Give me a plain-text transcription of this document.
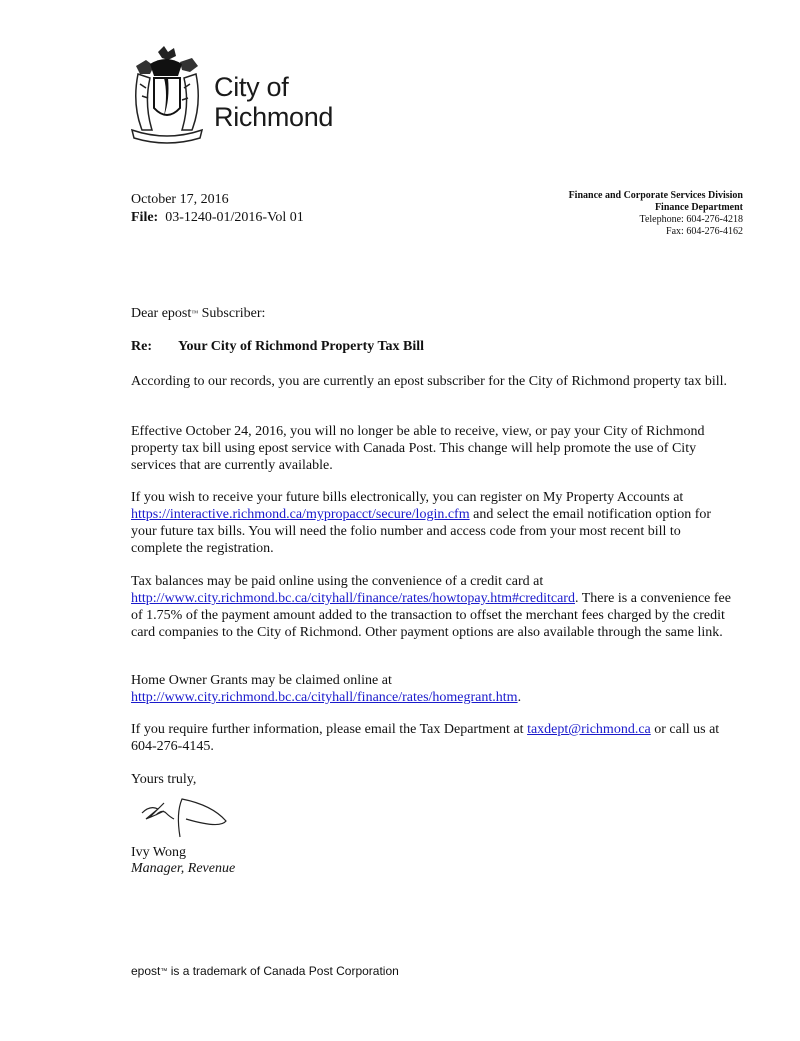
City of
Richmond
October 17, 2016
File: 03-1240-01/2016-Vol 01
Finance and Corporate Services Division
Finance Department
Telephone: 604-276-4218
Fax: 604-276-4162
Dear epost™ Subscriber:
Re: Your City of Richmond Property Tax Bill
According to our records, you are currently an epost subscriber for the City of Richmond property tax bill.
Effective October 24, 2016, you will no longer be able to receive, view, or pay your City of Richmond property tax bill using epost service with Canada Post. This change will help promote the use of City services that are currently available.
If you wish to receive your future bills electronically, you can register on My Property Accounts at https://interactive.richmond.ca/mypropacct/secure/login.cfm and select the email notification option for your future tax bills. You will need the folio number and access code from your most recent bill to complete the registration.
Tax balances may be paid online using the convenience of a credit card at http://www.city.richmond.bc.ca/cityhall/finance/rates/howtopay.htm#creditcard. There is a convenience fee of 1.75% of the payment amount added to the transaction to offset the merchant fees charged by the credit card companies to the City of Richmond. Other payment options are also available through the same link.
Home Owner Grants may be claimed online at
http://www.city.richmond.bc.ca/cityhall/finance/rates/homegrant.htm.
If you require further information, please email the Tax Department at taxdept@richmond.ca or call us at 604-276-4145.
Yours truly,
Ivy Wong
Manager, Revenue
epost™ is a trademark of Canada Post Corporation
